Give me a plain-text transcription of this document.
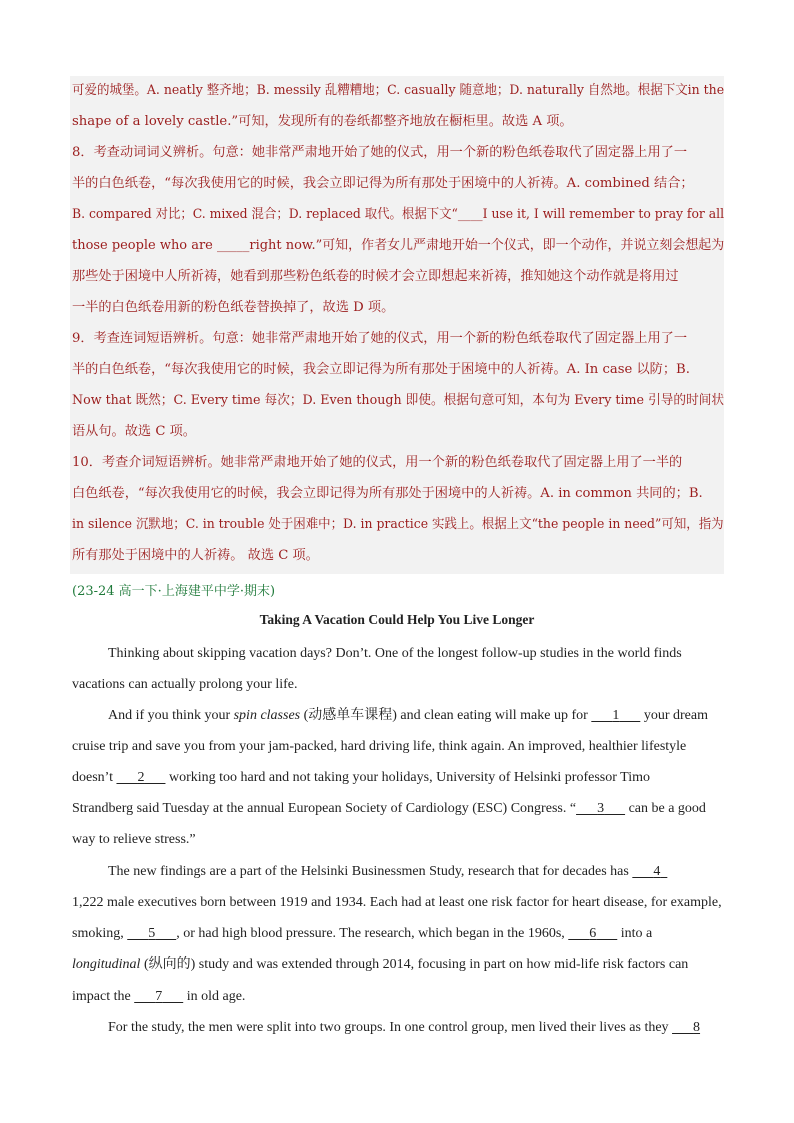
可爱的城堡。A. neatly 整齐地；B. messily 乱糟糟地；C. casually 随意地；D. naturally 自然地。根据下文in the
shape of a lovely castle.”可知，发现所有的卷纸都整齐地放在橱柜里。故选 A 项。
8．考查动词词义辨析。句意：她非常严肃地开始了她的仪式，用一个新的粉色纸卷取代了固定器上用了一
半的白色纸卷，“每次我使用它的时候，我会立即记得为所有那处于困境中的人祈祷。A. combined 结合；
B. compared 对比；C. mixed 混合；D. replaced 取代。根据下文“____I use it, I will remember to pray for all
those people who are _____right now.”可知，作者女儿严肃地开始一个仪式，即一个动作，并说立刻会想起为
那些处于困境中人所祈祷，她看到那些粉色纸卷的时候才会立即想起来祈祷，推知她这个动作就是将用过
一半的白色纸卷用新的粉色纸卷替换掉了，故选 D 项。
9．考查连词短语辨析。句意：她非常严肃地开始了她的仪式，用一个新的粉色纸卷取代了固定器上用了一
半的白色纸卷，“每次我使用它的时候，我会立即记得为所有那处于困境中的人祈祷。A. In case 以防；B.
Now that 既然；C. Every time 每次；D. Even though 即使。根据句意可知，本句为 Every time 引导的时间状
语从句。故选 C 项。
10．考查介词短语辨析。她非常严肃地开始了她的仪式，用一个新的粉色纸卷取代了固定器上用了一半的
白色纸卷，“每次我使用它的时候，我会立即记得为所有那处于困境中的人祈祷。A. in common 共同的；B.
in silence 沉默地；C. in trouble 处于困难中；D. in practice 实践上。根据上文“the people in need”可知，指为
所有那处于困境中的人祈祷。 故选 C 项。
(23-24 高一下·上海建平中学·期末)
Taking A Vacation Could Help You Live Longer
Thinking about skipping vacation days? Don’t. One of the longest follow-up studies in the world finds
vacations can actually prolong your life.
And if you think your spin classes (动感单车课程) and clean eating will make up for       1       your dream
cruise trip and save you from your jam-packed, hard driving life, think again. An improved, healthier lifestyle
doesn’t       2       working too hard and not taking your holidays, University of Helsinki professor Timo
Strandberg said Tuesday at the annual European Society of Cardiology (ESC) Congress. “ 3       can be a good
way to relieve stress.”
The new findings are a part of the Helsinki Businessmen Study, research that for decades has       4
1,222 male executives born between 1919 and 1934. Each had at least one risk factor for heart disease, for example,
smoking,       5 , or had high blood pressure. The research, which began in the 1960s,       6       into a
longitudinal (纵向的) study and was extended through 2014, focusing in part on how mid-life risk factors can
impact the       7       in old age.
For the study, the men were split into two groups. In one control group, men lived their lives as they       8
